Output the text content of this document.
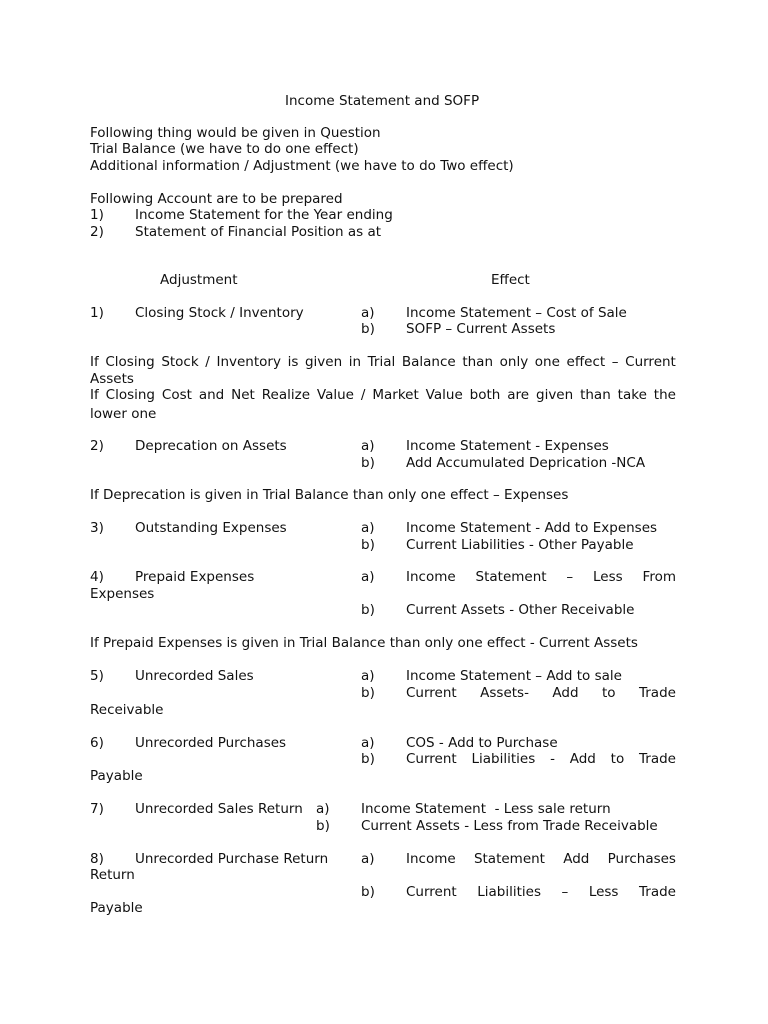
Income Statement and SOFP
Following thing would be given in Question
Trial Balance (we have to do one effect)
Additional information / Adjustment (we have to do Two effect)
Following Account are to be prepared
1) Income Statement for the Year ending
2) Statement of Financial Position as at
Adjustment	Effect
1) Closing Stock / Inventory	a) Income Statement – Cost of Sale
b) SOFP – Current Assets
If Closing Stock / Inventory is given in Trial Balance than only one effect – Current
Assets
If Closing Cost and Net Realize Value / Market Value both are given than take the
lower one
2) Deprecation on Assets	a) Income Statement - Expenses
b) Add Accumulated Deprication -NCA
If Deprecation is given in Trial Balance than only one effect – Expenses
3) Outstanding Expenses	a) Income Statement - Add to Expenses
b) Current Liabilities - Other Payable
4) Prepaid Expenses	a) Income Statement – Less From
Expenses
b) Current Assets - Other Receivable
If Prepaid Expenses is given in Trial Balance than only one effect - Current Assets
5) Unrecorded Sales	a) Income Statement – Add to sale
b) Current Assets- Add to Trade
Receivable
6) Unrecorded Purchases	a) COS - Add to Purchase
b) Current Liabilities - Add to Trade
Payable
7) Unrecorded Sales Return a) Income Statement  - Less sale return
b) Current Assets - Less from Trade Receivable
8) Unrecorded Purchase Return a) Income Statement Add Purchases
Return
b) Current Liabilities – Less Trade
Payable
